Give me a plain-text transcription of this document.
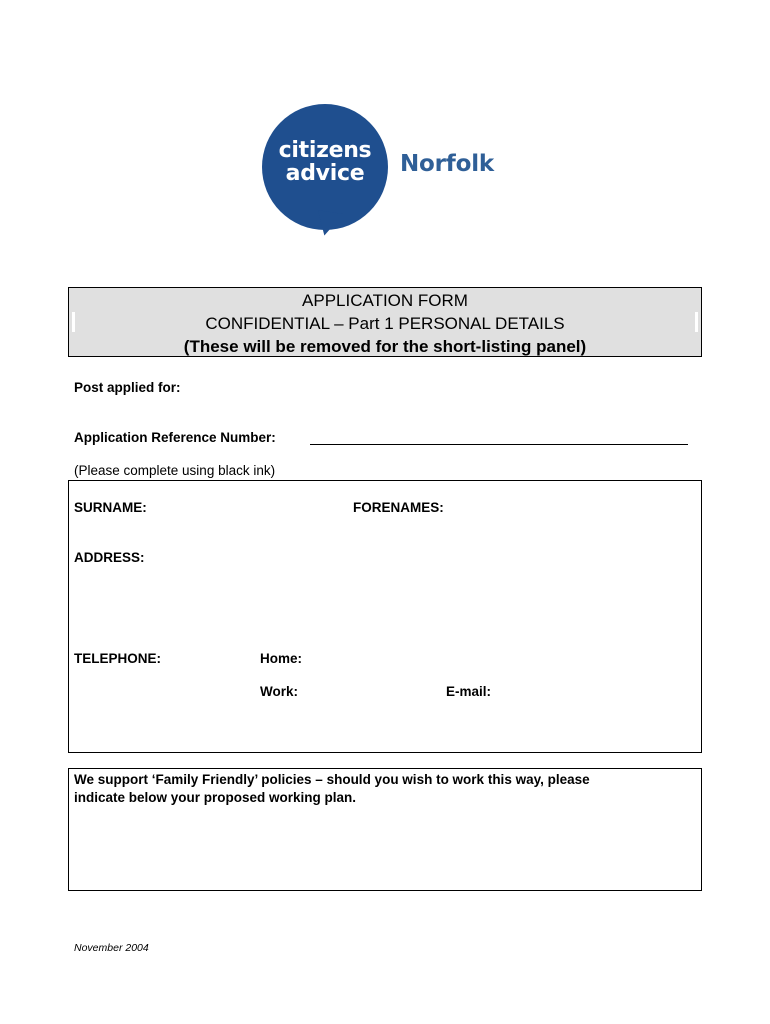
citizens
advice	Norfolk
APPLICATION FORM
CONFIDENTIAL – Part 1 PERSONAL DETAILS
(These will be removed for the short-listing panel)
Post applied for:
Application Reference Number:
(Please complete using black ink)
SURNAME:	FORENAMES:
ADDRESS:
TELEPHONE:	Home:
Work:	E-mail:
We support ‘Family Friendly’ policies – should you wish to work this way, please
indicate below your proposed working plan.
November 2004
